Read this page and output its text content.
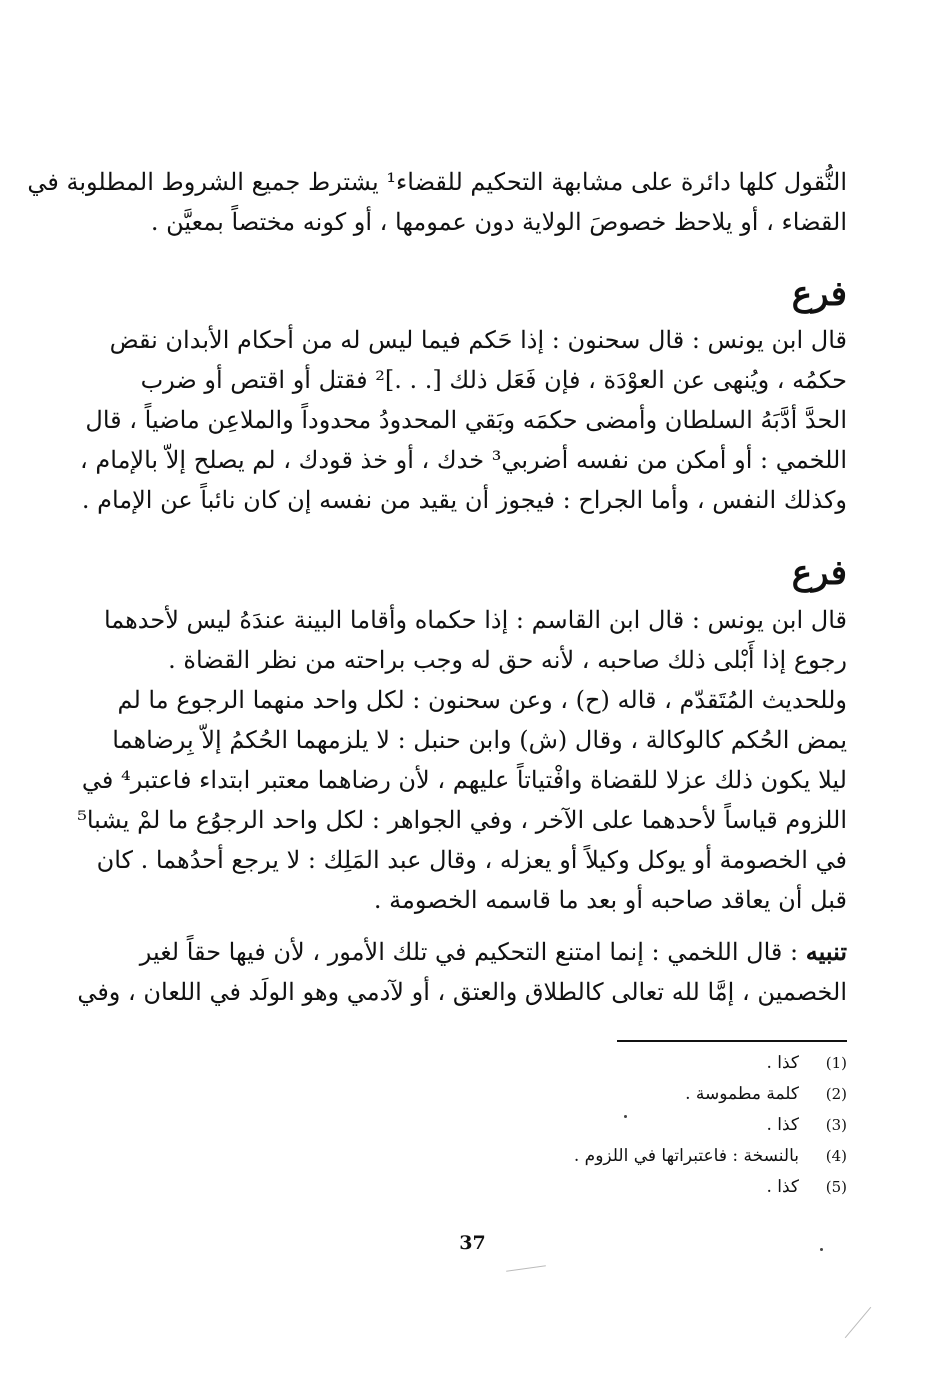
النُّقول كلها دائرة على مشابهة التحكيم للقضاء¹ يشترط جميع الشروط المطلوبة في
القضاء ، أو يلاحظ خصوصَ الولاية دون عمومها ، أو كونه مختصاً بمعيَّن .
فرع
قال ابن يونس : قال سحنون : إذا حَكم فيما ليس له من أحكام الأبدان نقض
حكمُه ، ويُنهى عن العوْدَة ، فإن فَعَل ذلك [. . .]² فقتل أو اقتص أو ضرب
الحدَّ أدَّبَهُ السلطان وأمضى حكمَه وبَقي المحدودُ محدوداً والملاعِن ماضياً ، قال
اللخمي : أو أمكن من نفسه أضربي³ خدك ، أو خذ قودك ، لم يصلح إلاّ بالإمام ،
وكذلك النفس ، وأما الجراح : فيجوز أن يقيد من نفسه إن كان نائباً عن الإمام .
فرع
قال ابن يونس : قال ابن القاسم : إذا حكماه وأقاما البينة عندَهُ ليس لأحدهما
رجوع إذا أَبْلى ذلك صاحبه ، لأنه حق له وجب براحته من نظر القضاة .
وللحديث المُتَقدّم ، قاله (ح) ، وعن سحنون : لكل واحد منهما الرجوع ما لم
يمض الحُكم كالوكالة ، وقال (ش) وابن حنبل : لا يلزمهما الحُكمُ إلاّ بِرضاهما
ليلا يكون ذلك عزلا للقضاة وافْتياتاً عليهم ، لأن رضاهما معتبر ابتداء فاعتبر⁴ في
اللزوم قياساً لأحدهما على الآخر ، وفي الجواهر : لكل واحد الرجوُع ما لمْ يشبا⁵
في الخصومة أو يوكل وكيلاً أو يعزله ، وقال عبد المَلِك : لا يرجع أحدُهما . كان
قبل أن يعاقد صاحبه أو بعد ما قاسمه الخصومة .
تنبيه : قال اللخمي : إنما امتنع التحكيم في تلك الأمور ، لأن فيها حقاً لغير
الخصمين ، إمَّا لله تعالى كالطلاق والعتق ، أو لآدمي وهو الولَد في اللعان ، وفي
(1)
كذا .
(2)
كلمة مطموسة .
(3)
كذا .
(4)
بالنسخة : فاعتبراتها في اللزوم .
(5)
كذا .
37
